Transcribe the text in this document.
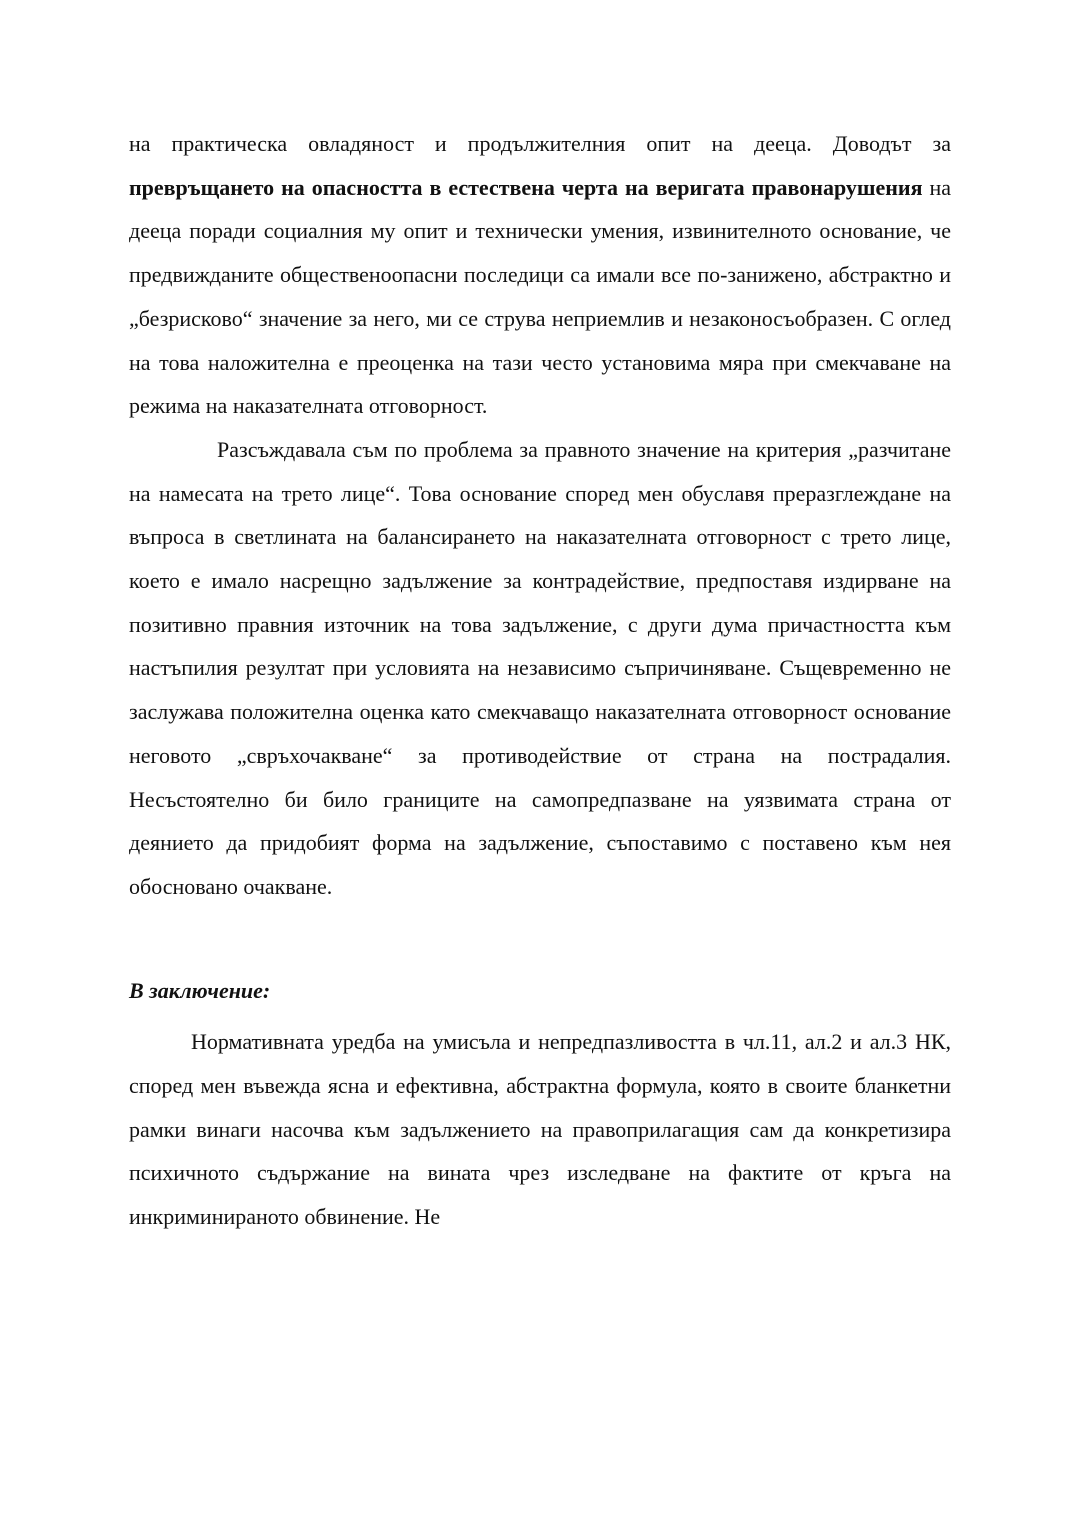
на практическа овладяност и продължителния опит на деeца. Доводът за превръщането на опасността в естествена черта на веригата правонарушения на деeца поради социалния му опит и технически умения, извинителното основание, че предвижданите общественоопасни последици са имали все по-занижено, абстрактно и „безрисково“ значение за него, ми се струва неприемлив и незаконосъобразен. С оглед на това наложителна е преоценка на тази често установима мяра при смекчаване на режима на наказателната отговорност.

Разсъждавала съм по проблема за правното значение на критерия „разчитане на намесата на трето лице“. Това основание според мен обуславя преразглеждане на въпроса в светлината на балансирането на наказателната отговорност с трето лице, което е имало насрещно задължение за контрадействие, предпоставя издирване на позитивно правния източник на това задължение, с други дума причастността към настъпилия резултат при условията на независимо съпричиняване. Същевременно не заслужава положителна оценка като смекчаващо наказателната отговорност основание неговото „свръхочакване“ за противодействие от страна на пострадалия. Несъстоятелно би било границите на самопредпазване на уязвимата страна от деянието да придобият форма на задължение, съпоставимо с поставено към нея обосновано очакване.

В заключение:

Нормативната уредба на умисъла и непредпазливостта в чл.11, ал.2 и ал.3 НК, според мен въвежда ясна и ефективна, абстрактна формула, която в своите бланкетни рамки винаги насочва към задължението на правоприлагащия сам да конкретизира психичното съдържание на вината чрез изследване на фактите от кръга на инкриминираното обвинение. Не
